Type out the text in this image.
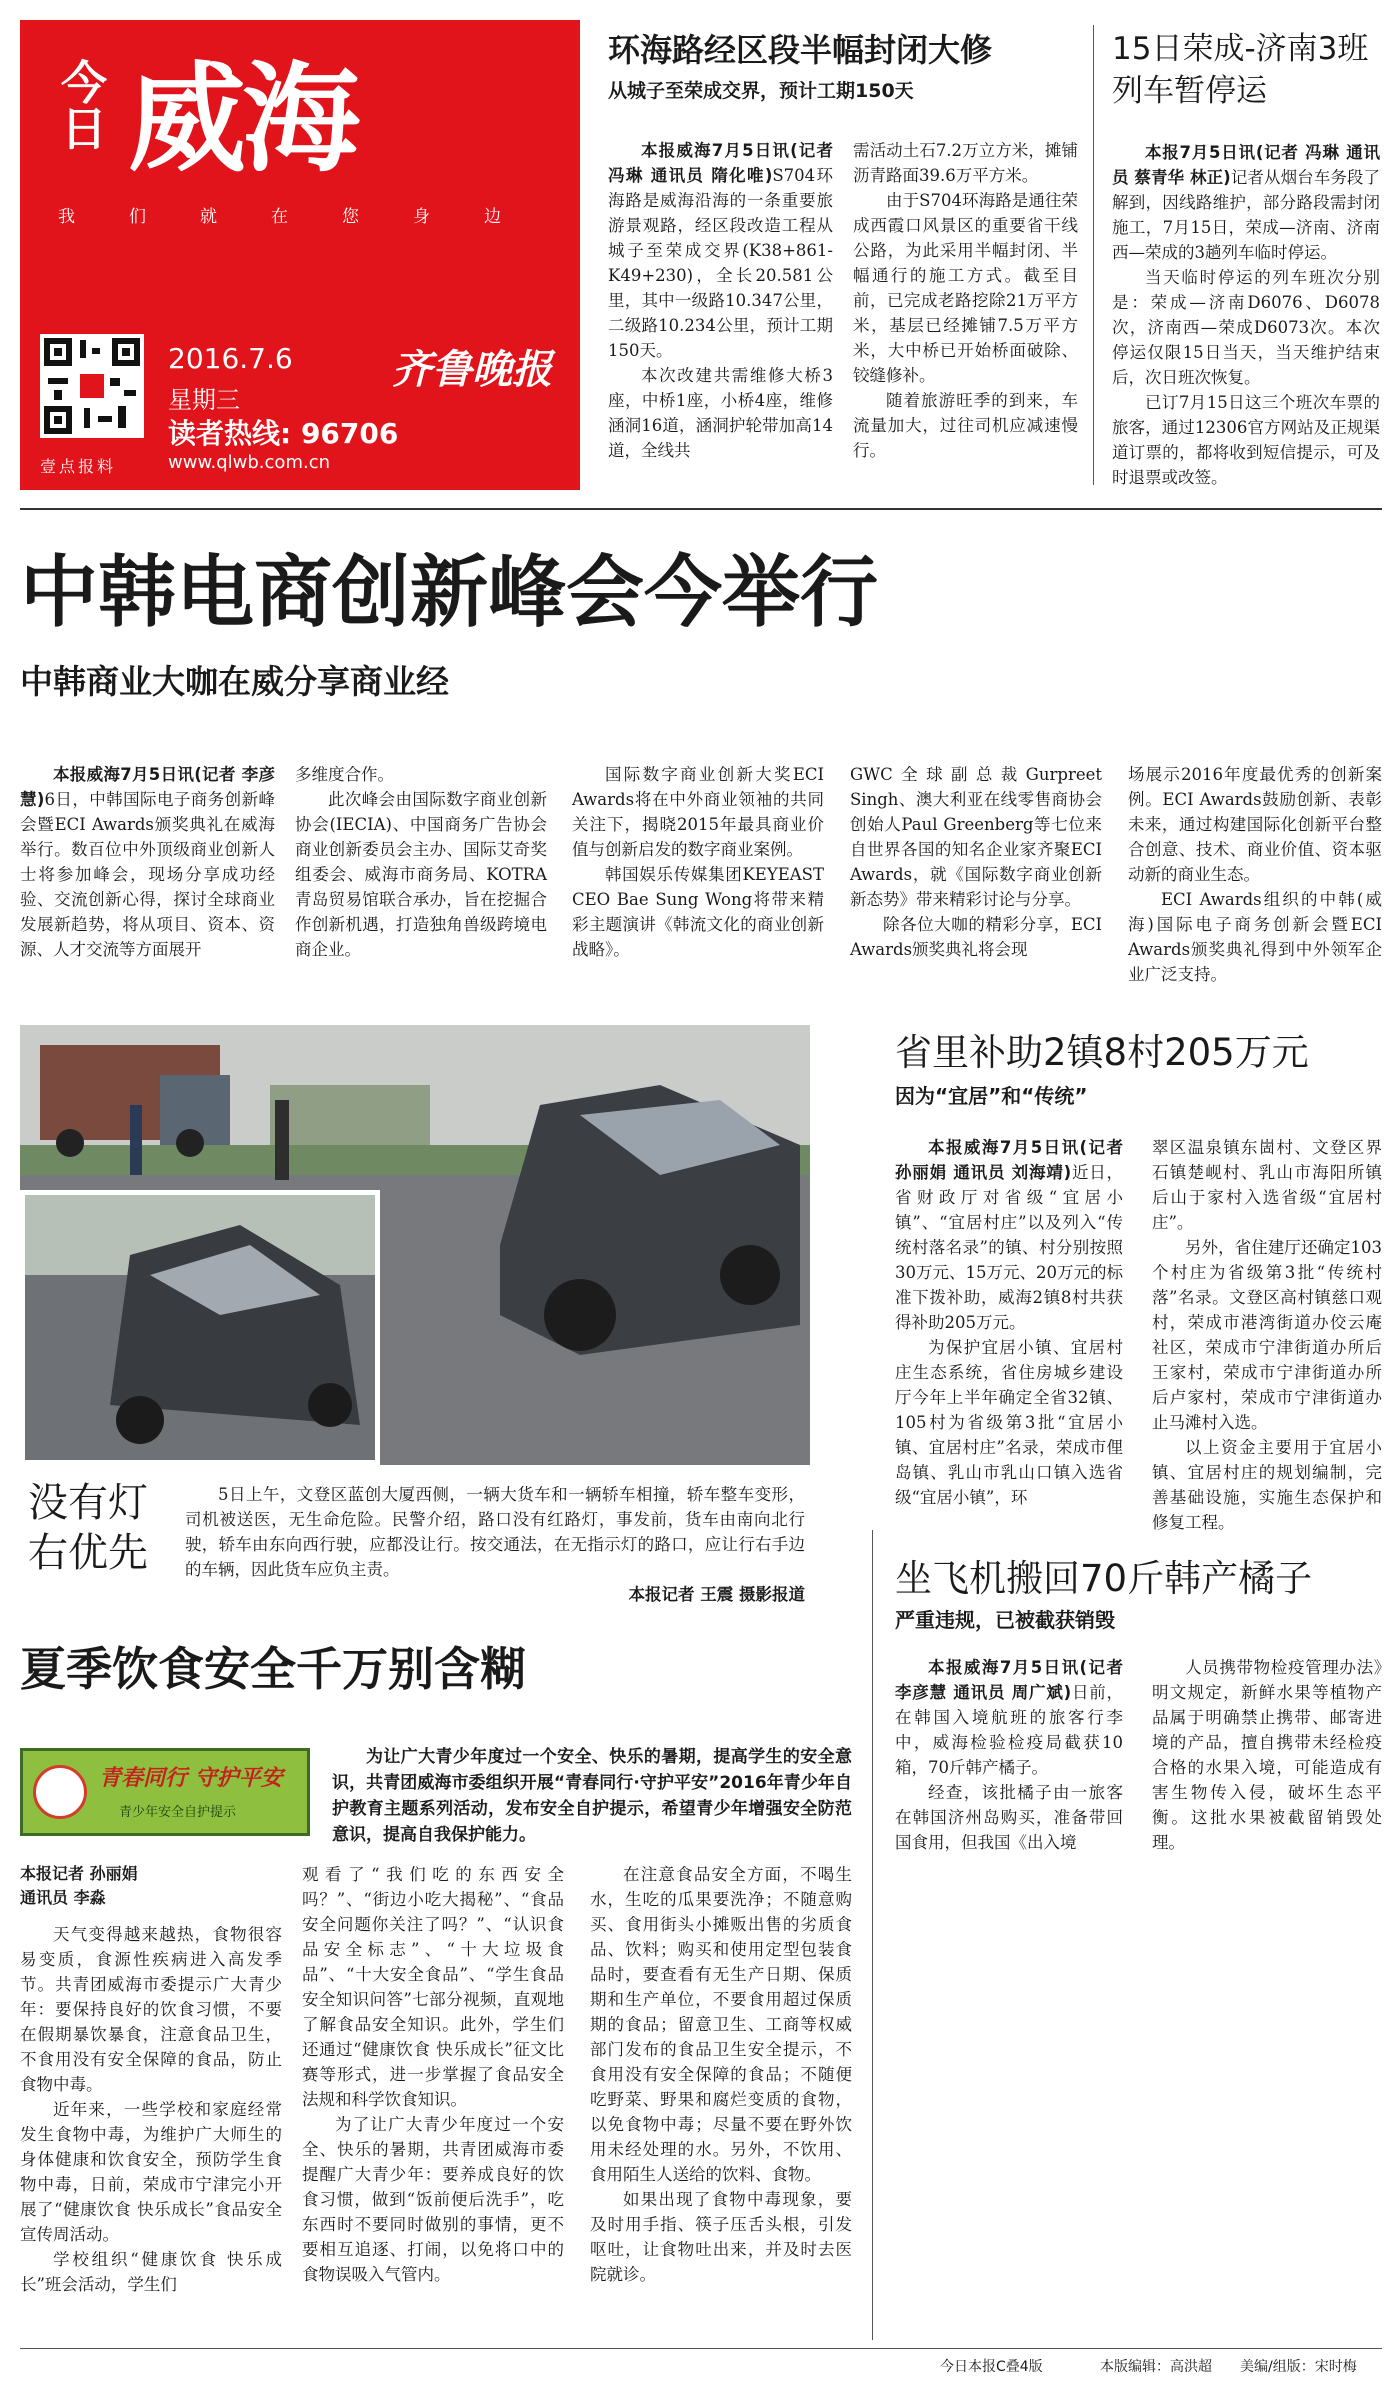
今日 威海
我们就在您身边
壹点报料
2016.7.6
星期三
读者热线: 96706
www.qlwb.com.cn
齐鲁晚报
环海路经区段半幅封闭大修
从城子至荣成交界，预计工期150天

本报威海7月5日讯(记者 冯琳 通讯员 隋化唯)S704环海路是威海沿海的一条重要旅游景观路，经区段改造工程从城子至荣成交界(K38+861-K49+230)，全长20.581公里，其中一级路10.347公里，二级路10.234公里，预计工期150天。

本次改建共需维修大桥3座，中桥1座，小桥4座，维修涵洞16道，涵洞护轮带加高14道，全线共

需活动土石7.2万立方米，摊铺沥青路面39.6万平方米。

由于S704环海路是通往荣成西霞口风景区的重要省干线公路，为此采用半幅封闭、半幅通行的施工方式。截至目前，已完成老路挖除21万平方米，基层已经摊铺7.5万平方米，大中桥已开始桥面破除、铰缝修补。

随着旅游旺季的到来，车流量加大，过往司机应减速慢行。

15日荣成-济南3班列车暂停运

本报7月5日讯(记者 冯琳 通讯员 蔡青华 林正)记者从烟台车务段了解到，因线路维护，部分路段需封闭施工，7月15日，荣成—济南、济南西—荣成的3趟列车临时停运。

当天临时停运的列车班次分别是：荣成—济南D6076、D6078次，济南西—荣成D6073次。本次停运仅限15日当天，当天维护结束后，次日班次恢复。

已订7月15日这三个班次车票的旅客，通过12306官方网站及正规渠道订票的，都将收到短信提示，可及时退票或改签。

中韩电商创新峰会今举行
中韩商业大咖在威分享商业经

本报威海7月5日讯(记者 李彦慧)6日，中韩国际电子商务创新峰会暨ECI Awards颁奖典礼在威海举行。数百位中外顶级商业创新人士将参加峰会，现场分享成功经验、交流创新心得，探讨全球商业发展新趋势，将从项目、资本、资源、人才交流等方面展开

多维度合作。

此次峰会由国际数字商业创新协会(IECIA)、中国商务广告协会商业创新委员会主办、国际艾奇奖组委会、威海市商务局、KOTRA青岛贸易馆联合承办，旨在挖掘合作创新机遇，打造独角兽级跨境电商企业。

国际数字商业创新大奖ECI Awards将在中外商业领袖的共同关注下，揭晓2015年最具商业价值与创新启发的数字商业案例。

韩国娱乐传媒集团KEYEAST CEO Bae Sung Wong将带来精彩主题演讲《韩流文化的商业创新战略》。

GWC全球副总裁Gurpreet Singh、澳大利亚在线零售商协会创始人Paul Greenberg等七位来自世界各国的知名企业家齐聚ECI Awards，就《国际数字商业创新新态势》带来精彩讨论与分享。

除各位大咖的精彩分享，ECI Awards颁奖典礼将会现

场展示2016年度最优秀的创新案例。ECI Awards鼓励创新、表彰未来，通过构建国际化创新平台整合创意、技术、商业价值、资本驱动新的商业生态。

ECI Awards组织的中韩(威海)国际电子商务创新会暨ECI Awards颁奖典礼得到中外领军企业广泛支持。

没有灯右优先

5日上午，文登区蓝创大厦西侧，一辆大货车和一辆轿车相撞，轿车整车变形，司机被送医，无生命危险。民警介绍，路口没有红路灯，事发前，货车由南向北行驶，轿车由东向西行驶，应都没让行。按交通法，在无指示灯的路口，应让行右手边的车辆，因此货车应负主责。

本报记者 王震 摄影报道

省里补助2镇8村205万元
因为“宜居”和“传统”

本报威海7月5日讯(记者 孙丽娟 通讯员 刘海靖)近日，省财政厅对省级“宜居小镇”、“宜居村庄”以及列入“传统村落名录”的镇、村分别按照30万元、15万元、20万元的标准下拨补助，威海2镇8村共获得补助205万元。

为保护宜居小镇、宜居村庄生态系统，省住房城乡建设厅今年上半年确定全省32镇、105村为省级第3批“宜居小镇、宜居村庄”名录，荣成市俚岛镇、乳山市乳山口镇入选省级“宜居小镇”，环

翠区温泉镇东崮村、文登区界石镇楚岘村、乳山市海阳所镇后山于家村入选省级“宜居村庄”。

另外，省住建厅还确定103个村庄为省级第3批“传统村落”名录。文登区高村镇慈口观村，荣成市港湾街道办佼云庵社区，荣成市宁津街道办所后王家村，荣成市宁津街道办所后卢家村，荣成市宁津街道办止马滩村入选。

以上资金主要用于宜居小镇、宜居村庄的规划编制，完善基础设施，实施生态保护和修复工程。

坐飞机搬回70斤韩产橘子
严重违规，已被截获销毁

本报威海7月5日讯(记者 李彦慧 通讯员 周广斌)日前，在韩国入境航班的旅客行李中，威海检验检疫局截获10箱，70斤韩产橘子。

经查，该批橘子由一旅客在韩国济州岛购买，准备带回国食用，但我国《出入境

人员携带物检疫管理办法》明文规定，新鲜水果等植物产品属于明确禁止携带、邮寄进境的产品，擅自携带未经检疫合格的水果入境，可能造成有害生物传入侵，破坏生态平衡。这批水果被截留销毁处理。

夏季饮食安全千万别含糊
青春同行 守护平安
青少年安全自护提示
为让广大青少年度过一个安全、快乐的暑期，提高学生的安全意识，共青团威海市委组织开展“青春同行·守护平安”2016年青少年自护教育主题系列活动，发布安全自护提示，希望青少年增强安全防范意识，提高自我保护能力。
本报记者 孙丽娟
通讯员 李淼

天气变得越来越热，食物很容易变质，食源性疾病进入高发季节。共青团威海市委提示广大青少年：要保持良好的饮食习惯，不要在假期暴饮暴食，注意食品卫生，不食用没有安全保障的食品，防止食物中毒。

近年来，一些学校和家庭经常发生食物中毒，为维护广大师生的身体健康和饮食安全，预防学生食物中毒，日前，荣成市宁津完小开展了“健康饮食 快乐成长”食品安全宣传周活动。

学校组织“健康饮食 快乐成长”班会活动，学生们

观看了“我们吃的东西安全吗？”、“街边小吃大揭秘”、“食品安全问题你关注了吗？”、“认识食品安全标志”、“十大垃圾食品”、“十大安全食品”、“学生食品安全知识问答”七部分视频，直观地了解食品安全知识。此外，学生们还通过“健康饮食 快乐成长”征文比赛等形式，进一步掌握了食品安全法规和科学饮食知识。

为了让广大青少年度过一个安全、快乐的暑期，共青团威海市委提醒广大青少年：要养成良好的饮食习惯，做到“饭前便后洗手”，吃东西时不要同时做别的事情，更不要相互追逐、打闹，以免将口中的食物误吸入气管内。

在注意食品安全方面，不喝生水，生吃的瓜果要洗净；不随意购买、食用街头小摊贩出售的劣质食品、饮料；购买和使用定型包装食品时，要查看有无生产日期、保质期和生产单位，不要食用超过保质期的食品；留意卫生、工商等权威部门发布的食品卫生安全提示，不食用没有安全保障的食品；不随便吃野菜、野果和腐烂变质的食物，以免食物中毒；尽量不要在野外饮用未经处理的水。另外，不饮用、食用陌生人送给的饮料、食物。

如果出现了食物中毒现象，要及时用手指、筷子压舌头根，引发呕吐，让食物吐出来，并及时去医院就诊。

今日本报C叠4版	本版编辑：高洪超	美编/组版：宋时梅
